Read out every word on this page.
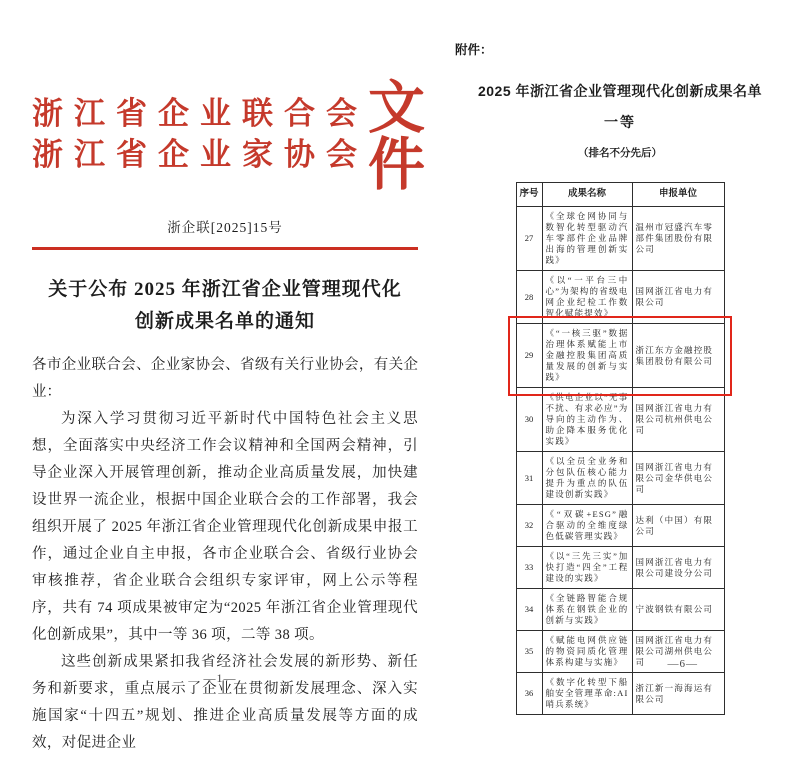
浙江省企业联合会
浙江省企业家协会
文件
浙企联[2025]15号
关于公布 2025 年浙江省企业管理现代化
创新成果名单的通知

各市企业联合会、企业家协会、省级有关行业协会，有关企业：

为深入学习贯彻习近平新时代中国特色社会主义思想，全面落实中央经济工作会议精神和全国两会精神，引导企业深入开展管理创新，推动企业高质量发展，加快建设世界一流企业，根据中国企业联合会的工作部署，我会组织开展了 2025 年浙江省企业管理现代化创新成果申报工作，通过企业自主申报，各市企业联合会、省级行业协会审核推荐，省企业联合会组织专家评审，网上公示等程序，共有 74 项成果被审定为“2025 年浙江省企业管理现代化创新成果”，其中一等 36 项，二等 38 项。

这些创新成果紧扣我省经济社会发展的新形势、新任务和新要求，重点展示了企业在贯彻新发展理念、深入实施国家“十四五”规划、推进企业高质量发展等方面的成效，对促进企业

—1—
附件：
2025 年浙江省企业管理现代化创新成果名单
一等
（排名不分先后）
序号	成果名称	申报单位
27	《全球仓网协同与数智化转型驱动汽车零部件企业品牌出海的管理创新实践》	温州市冠盛汽车零部件集团股份有限公司
28	《以“一平台三中心”为架构的省级电网企业纪检工作数智化赋能提效》	国网浙江省电力有限公司
29	《“一核三驱”数据治理体系赋能上市金融控股集团高质量发展的创新与实践》	浙江东方金融控股集团股份有限公司
30	《供电企业以“无事不扰、有求必应”为导向的主动作为、助企降本服务优化实践》	国网浙江省电力有限公司杭州供电公司
31	《以全员全业务和分包队伍核心能力提升为重点的队伍建设创新实践》	国网浙江省电力有限公司金华供电公司
32	《“双碳+ESG”融合驱动的全维度绿色低碳管理实践》	达利（中国）有限公司
33	《以“三先三实”加快打造“四全”工程建设的实践》	国网浙江省电力有限公司建设分公司
34	《全链路智能合规体系在钢铁企业的创新与实践》	宁波钢铁有限公司
35	《赋能电网供应链的物资同质化管理体系构建与实施》	国网浙江省电力有限公司湖州供电公司
36	《数字化转型下船舶安全管理革命:AI 哨兵系统》	浙江新一海海运有限公司
—6—
